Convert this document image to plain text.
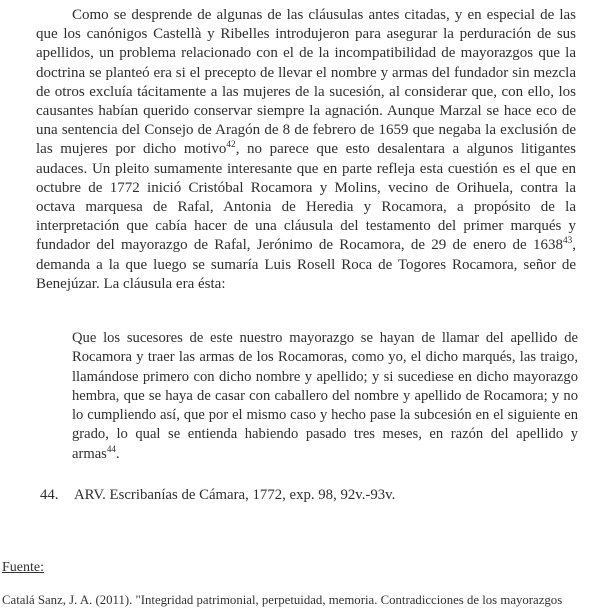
Como se desprende de algunas de las cláusulas antes citadas, y en especial de las que los canónigos Castellà y Ribelles introdujeron para asegurar la perduración de sus apellidos, un problema relacionado con el de la incompatibilidad de mayorazgos que la doctrina se planteó era si el precepto de llevar el nombre y armas del fundador sin mezcla de otros excluía tácitamente a las mujeres de la sucesión, al considerar que, con ello, los causantes habían querido conservar siempre la agnación. Aunque Marzal se hace eco de una sentencia del Consejo de Aragón de 8 de febrero de 1659 que negaba la exclusión de las mujeres por dicho motivo$^{42}$, no parece que esto desalentara a algunos litigantes audaces. Un pleito sumamente interesante que en parte refleja esta cuestión es el que en octubre de 1772 inició Cristóbal Rocamora y Molins, vecino de Orihuela, contra la octava marquesa de Rafal, Antonia de Heredia y Rocamora, a propósito de la interpretación que cabía hacer de una cláusula del testamento del primer marqués y fundador del mayorazgo de Rafal, Jerónimo de Rocamora, de 29 de enero de 1638$^{43}$, demanda a la que luego se sumaría Luis Rosell Roca de Togores Rocamora, señor de Benejúzar. La cláusula era ésta:

Que los sucesores de este nuestro mayorazgo se hayan de llamar del apellido de Rocamora y traer las armas de los Rocamoras, como yo, el dicho marqués, las traigo, llamándose primero con dicho nombre y apellido; y si sucediese en dicho mayorazgo hembra, que se haya de casar con caballero del nombre y apellido de Rocamora; y no lo cumpliendo así, que por el mismo caso y hecho pase la subcesión en el siguiente en grado, lo qual se entienda habiendo pasado tres meses, en razón del apellido y armas$^{44}$.
44. ARV. Escribanías de Cámara, 1772, exp. 98, 92v.-93v.
Fuente:
Catalá Sanz, J. A. (2011). "Integridad patrimonial, perpetuidad, memoria. Contradicciones de los mayorazgos
